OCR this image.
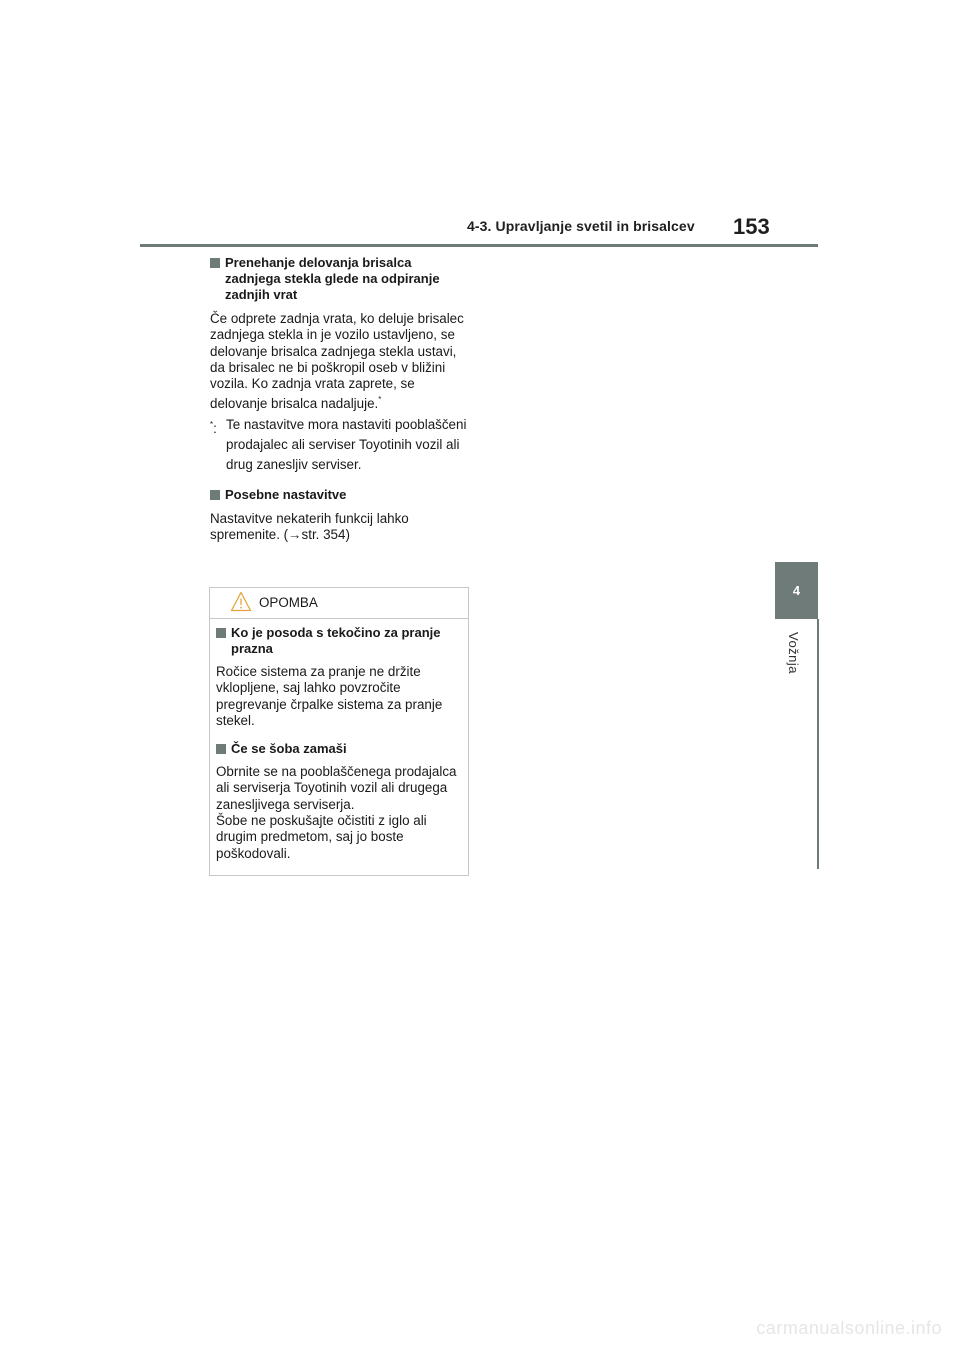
4-3. Upravljanje svetil in brisalcev 153
4
Vožnja
Prenehanje delovanja brisalca zadnjega stekla glede na odpiranje zadnjih vrat

Če odprete zadnja vrata, ko deluje brisalec zadnjega stekla in je vozilo ustavljeno, se delovanje brisalca zadnjega stekla ustavi, da brisalec ne bi poškropil oseb v bližini vozila. Ko zadnja vrata zaprete, se delovanje brisalca nadaljuje.*

*: Te nastavitve mora nastaviti pooblaščeni prodajalec ali serviser Toyotinih vozil ali drug zanesljiv serviser.
Posebne nastavitve

Nastavitve nekaterih funkcij lahko spremenite. (→str. 354)

OPOMBA
Ko je posoda s tekočino za pranje prazna

Ročice sistema za pranje ne držite vklopljene, saj lahko povzročite pregrevanje črpalke sistema za pranje stekel.

Če se šoba zamaši

Obrnite se na pooblaščenega prodajalca ali serviserja Toyotinih vozil ali drugega zanesljivega serviserja.
Šobe ne poskušajte očistiti z iglo ali drugim predmetom, saj jo boste poškodovali.

carmanualsonline.info
